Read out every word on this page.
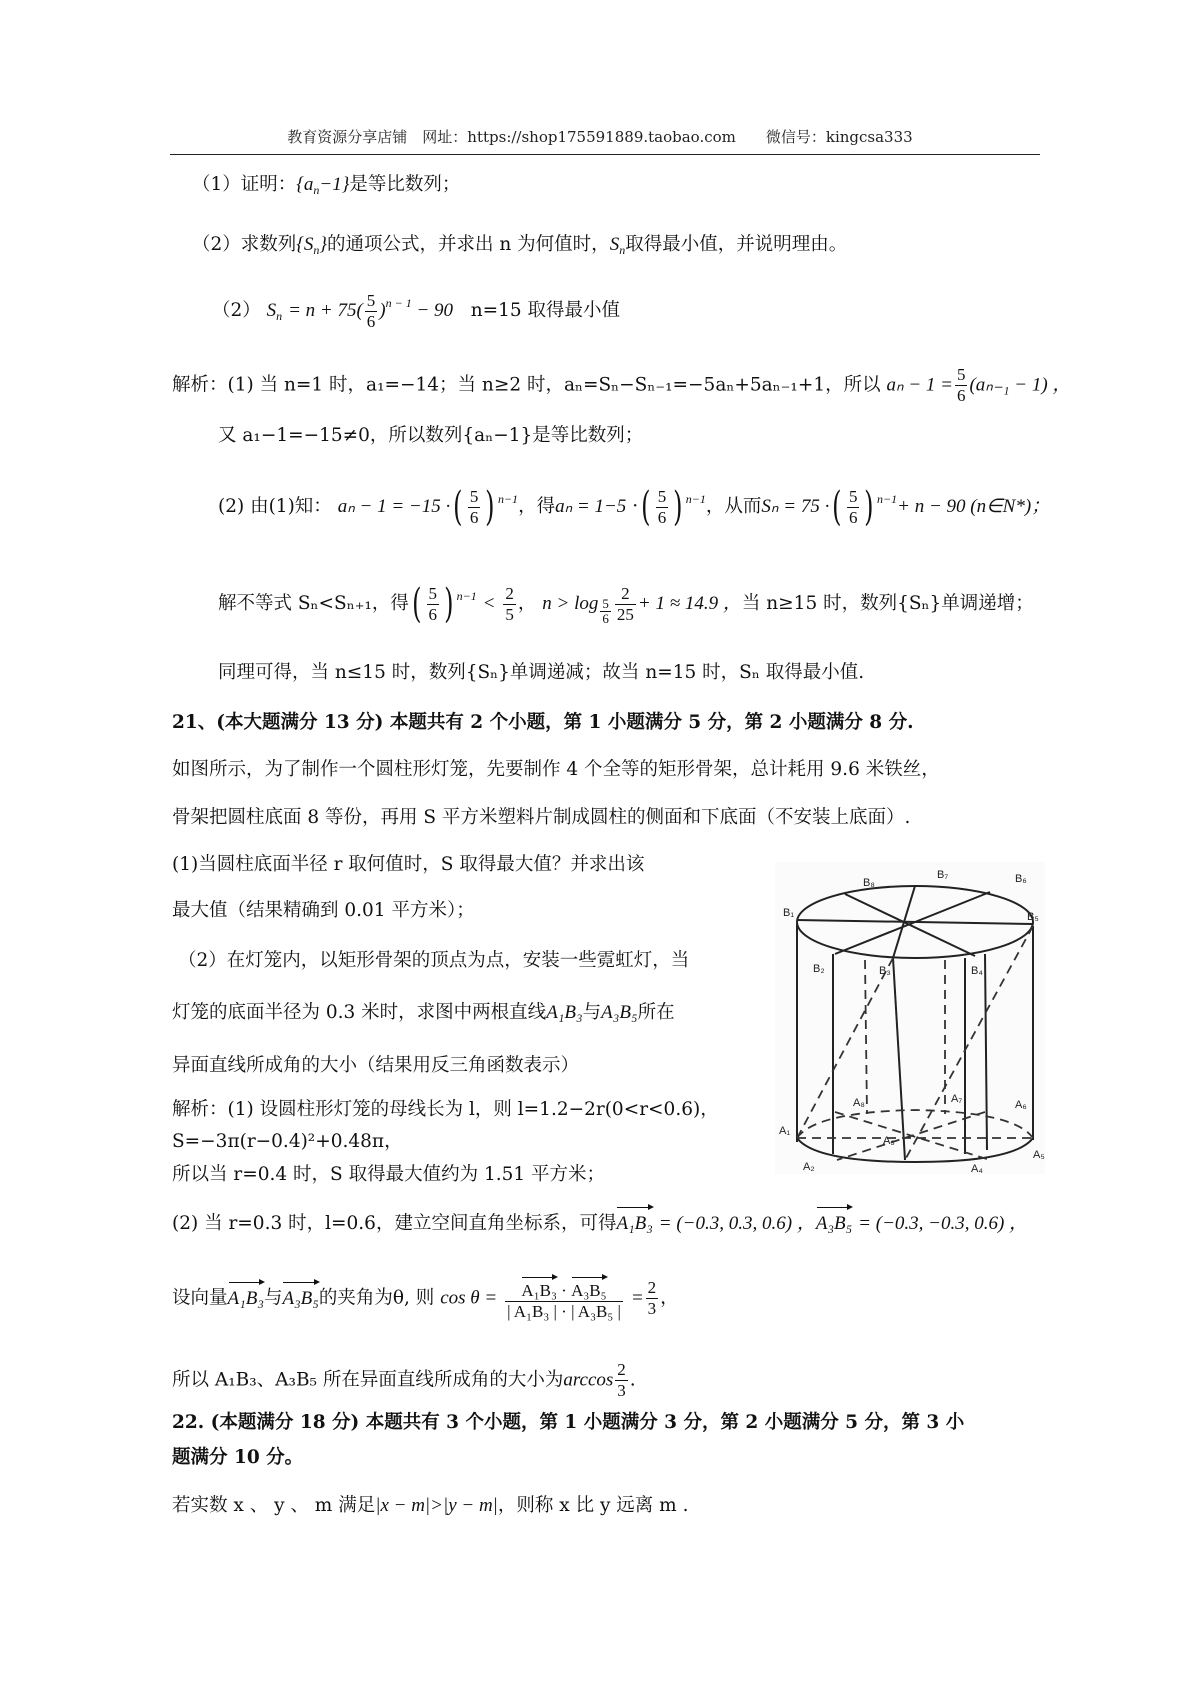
教育资源分享店铺　网址：https://shop175591889.taobao.com　　微信号：kingcsa333
（1）证明：$\{a_n-1\}$是等比数列；
（2）求数列$\{S_n\}$的通项公式，并求出 n 为何值时，$S_n$取得最小值，并说明理由。
（2） $S_n = n + 75( \frac{5}{6} )^{n - 1} - 90$ n=15 取得最小值
解析：(1) 当 n=1 时，a₁=−14；当 n≥2 时，aₙ=Sₙ−Sₙ₋₁=−5aₙ+5aₙ₋₁+1，所以 $a_n - 1 = \frac{5}{6} (a_{n-1} - 1)$ ，
又 a₁−1=−15≠0，所以数列{aₙ−1}是等比数列；
(2) 由(1)知： aₙ − 1 = −15 ·( $\frac{5}{6}$ ) $^{n-1}$，得aₙ = 1−5 ·( $\frac{5}{6}$ ) $^{n-1}$，从而Sₙ = 75 ·( $\frac{5}{6}$ ) $^{n-1}$+ n − 90 (n∈N*)；
解不等式 Sₙ<Sₙ₊₁，得( $\frac{5}{6}$ ) $^{n-1} < \frac{2}{5}$ ， $n > \log \frac{5}{6} \frac{2}{25} + 1 \approx 14.9$ ，当 n≥15 时，数列{Sₙ}单调递增；
同理可得，当 n≤15 时，数列{Sₙ}单调递减；故当 n=15 时，Sₙ 取得最小值.
21、(本大题满分 13 分) 本题共有 2 个小题，第 1 小题满分 5 分，第 2 小题满分 8 分.
如图所示，为了制作一个圆柱形灯笼，先要制作 4 个全等的矩形骨架，总计耗用 9.6 米铁丝，
骨架把圆柱底面 8 等份，再用 S 平方米塑料片制成圆柱的侧面和下底面（不安装上底面）.
(1)当圆柱底面半径 r 取何值时，S 取得最大值？并求出该
最大值（结果精确到 0.01 平方米）；
（2）在灯笼内，以矩形骨架的顶点为点，安装一些霓虹灯，当
灯笼的底面半径为 0.3 米时，求图中两根直线A₁B₃与A₃B₅所在
异面直线所成角的大小（结果用反三角函数表示）
解析：(1) 设圆柱形灯笼的母线长为 l，则 l=1.2−2r(0<r<0.6)，
S=−3π(r−0.4)²+0.48π，
所以当 r=0.4 时，S 取得最大值约为 1.51 平方米；
(2) 当 r=0.3 时，l=0.6，建立空间直角坐标系，可得A₁B₃ = (−0.3, 0.3, 0.6) ，A₃B₅ = (−0.3, −0.3, 0.6) ，
设向量A₁B₃与A₃B₅的夹角为θ, 则 $\cos \theta = \frac{\text{A₁B₃ · A₃B₅}}{\text{| A₁B₃ | · | A₃B₅ |}} = \frac{2}{3}$ ，
所以 A₁B₃、A₃B₅ 所在异面直线所成角的大小为$\arccos \frac{2}{3}$ .
B₁
B₂	B₃	B₄
B₅
B₆
B₇
B₈
A₁
A₂
A₃
A₄
A₅
A₆
A₇
A₈
22. (本题满分 18 分) 本题共有 3 个小题，第 1 小题满分 3 分，第 2 小题满分 5 分，第 3 小
题满分 10 分。
若实数 x 、 y 、 m 满足|x − m|>|y − m|，则称 x 比 y 远离 m .
